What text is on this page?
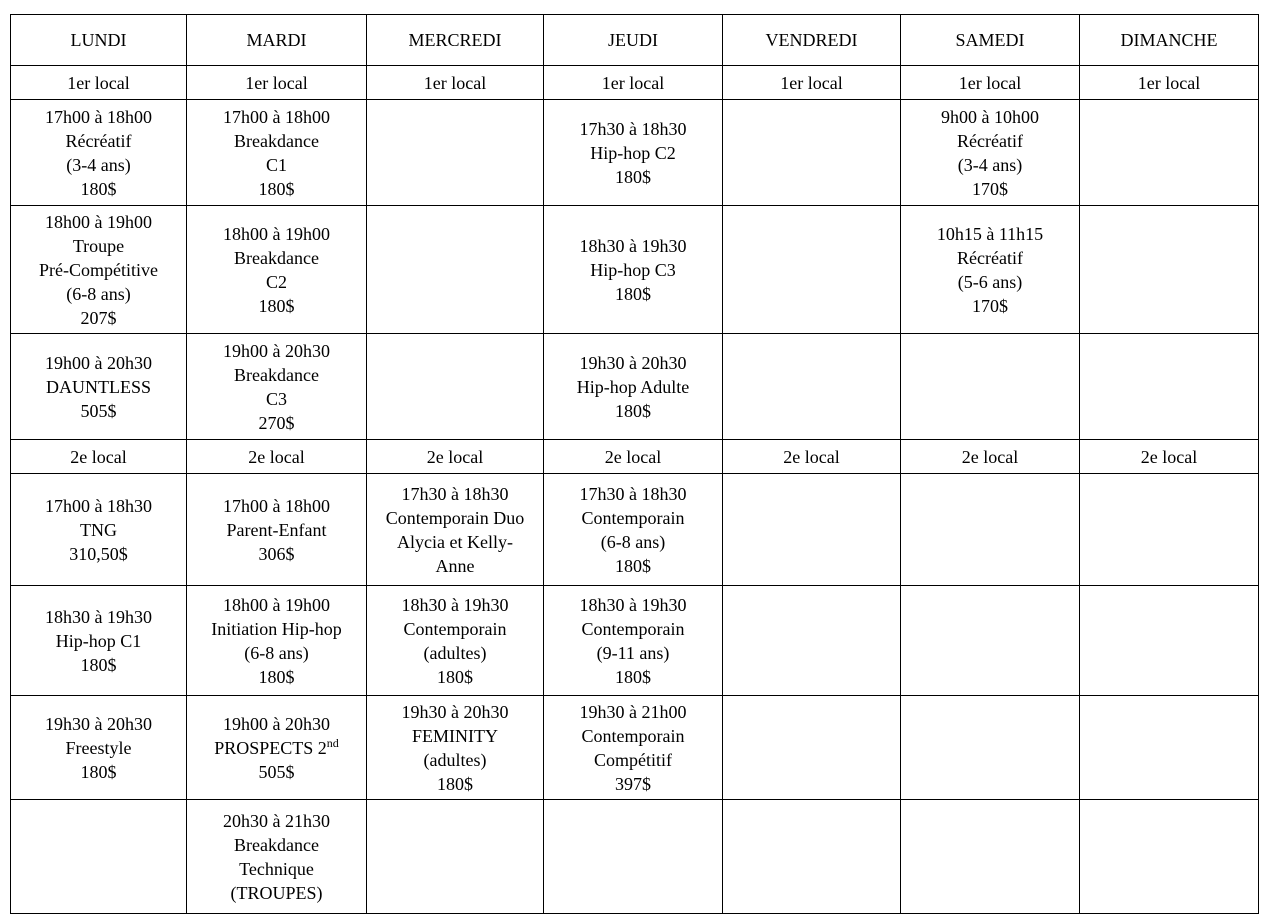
LUNDI	MARDI	MERCREDI	JEUDI	VENDREDI	SAMEDI	DIMANCHE
1er local	1er local	1er local	1er local	1er local	1er local	1er local

17h00 à 18h00
Récréatif
(3-4 ans)
180$	17h00 à 18h00
Breakdance
C1
180$		17h30 à 18h30
Hip-hop C2
180$		9h00 à 10h00
Récréatif
(3-4 ans)
170$	

18h00 à 19h00
Troupe
Pré-Compétitive
(6-8 ans)
207$	18h00 à 19h00
Breakdance
C2
180$		18h30 à 19h30
Hip-hop C3
180$		10h15 à 11h15
Récréatif
(5-6 ans)
170$	

19h00 à 20h30
DAUNTLESS
505$	19h00 à 20h30
Breakdance
C3
270$		19h30 à 20h30
Hip-hop Adulte
180$			

2e local	2e local	2e local	2e local	2e local	2e local	2e local

17h00 à 18h30
TNG
310,50$	17h00 à 18h00
Parent-Enfant
306$	17h30 à 18h30
Contemporain Duo
Alycia et Kelly-
Anne	17h30 à 18h30
Contemporain
(6-8 ans)
180$			

18h30 à 19h30
Hip-hop C1
180$	18h00 à 19h00
Initiation Hip-hop
(6-8 ans)
180$	18h30 à 19h30
Contemporain
(adultes)
180$	18h30 à 19h30
Contemporain
(9-11 ans)
180$			

19h30 à 20h30
Freestyle
180$	19h00 à 20h30
PROSPECTS 2nd
505$	19h30 à 20h30
FEMINITY
(adultes)
180$	19h30 à 21h00
Contemporain
Compétitif
397$			

	20h30 à 21h30
Breakdance
Technique
(TROUPES)					
